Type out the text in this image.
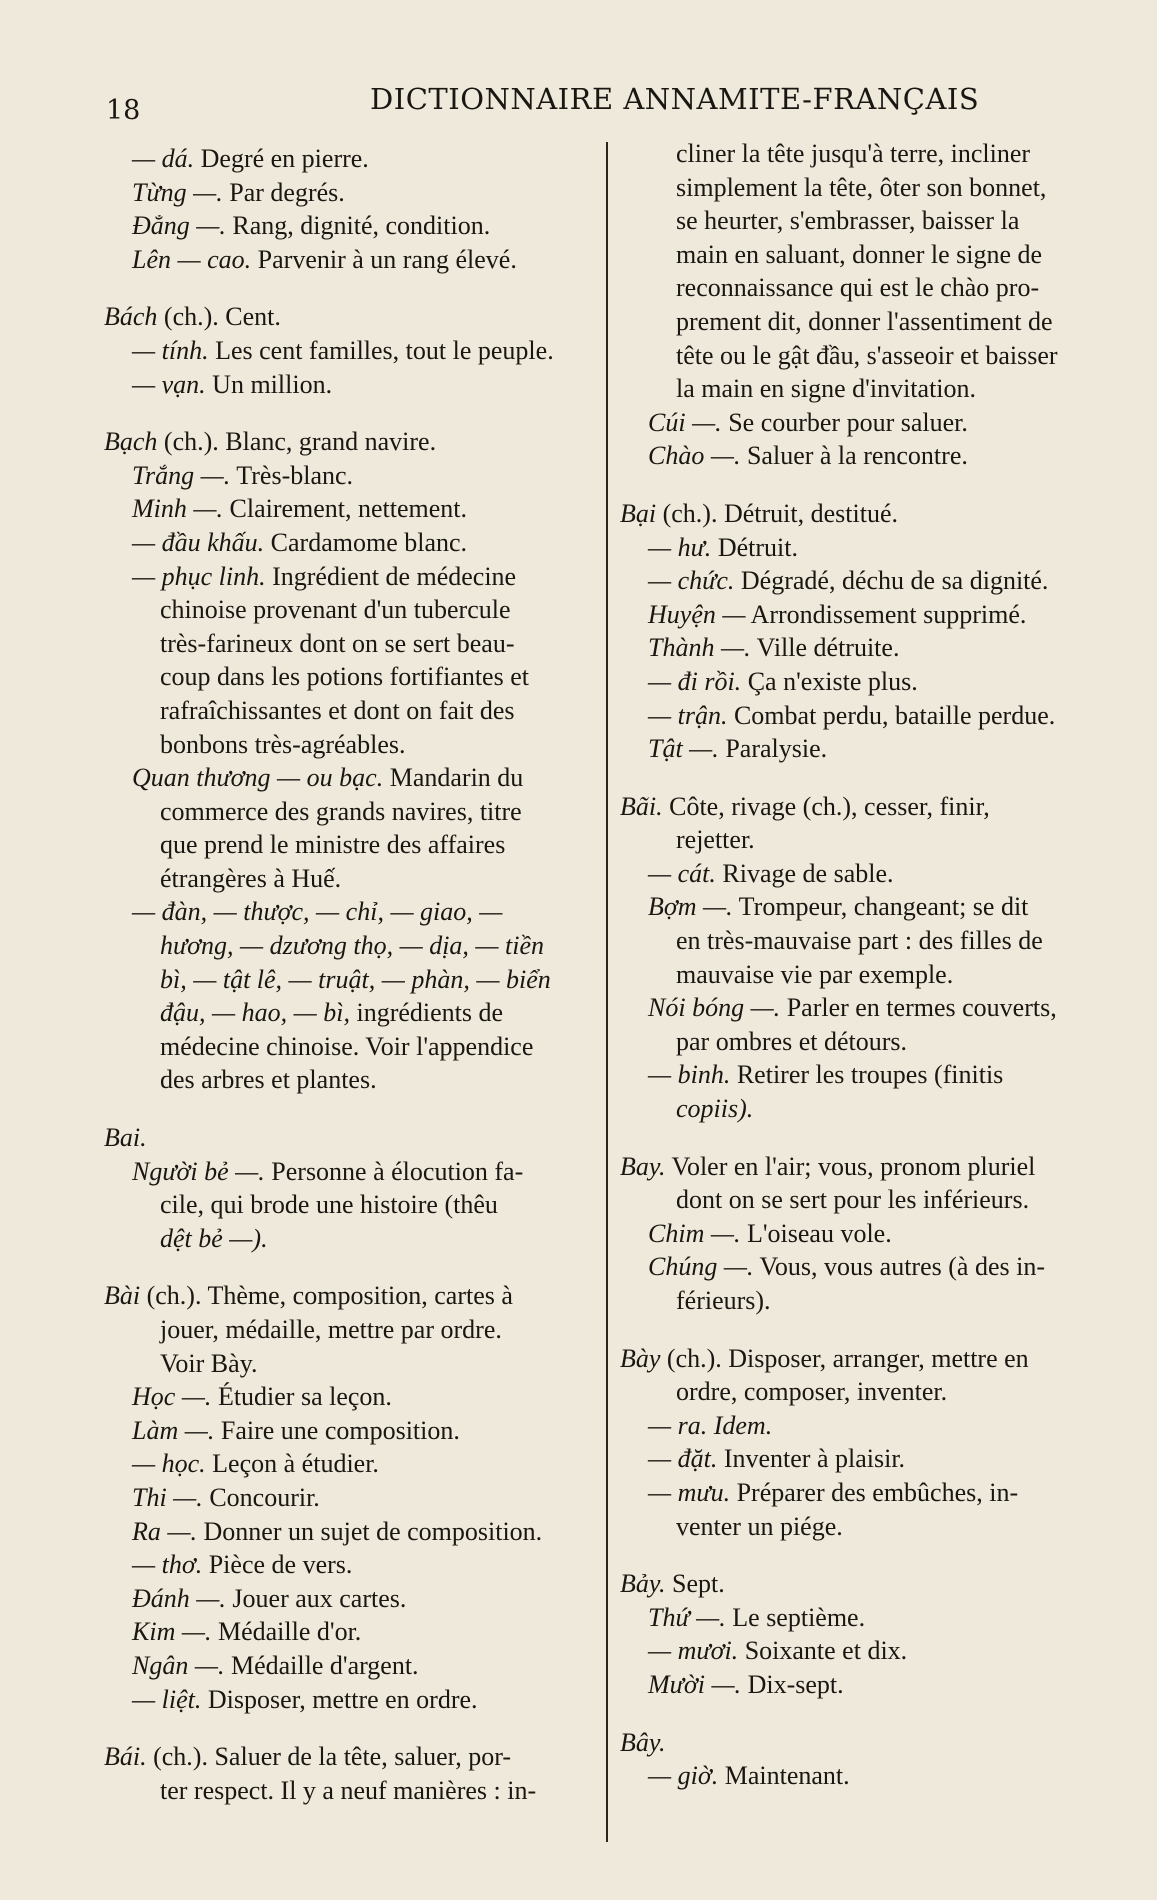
18	DICTIONNAIRE ANNAMITE-FRANÇAIS
— dá. Degré en pierre.
Từng —. Par degrés.
Đẳng —. Rang, dignité, condition.
Lên — cao. Parvenir à un rang élevé.
Bách (ch.). Cent.
— tính. Les cent familles, tout le peuple.
— vạn. Un million.
Bạch (ch.). Blanc, grand navire.
Trắng —. Très-blanc.
Minh —. Clairement, nettement.
— đầu khấu. Cardamome blanc.
— phục linh. Ingrédient de médecine
chinoise provenant d'un tubercule
très-farineux dont on se sert beau-
coup dans les potions fortifiantes et
rafraîchissantes et dont on fait des
bonbons très-agréables.
Quan thương — ou bạc. Mandarin du
commerce des grands navires, titre
que prend le ministre des affaires
étrangères à Huế.
— đàn, — thược, — chỉ, — giao, —
hương, — dzương thọ, — dịa, — tiền
bì, — tật lê, — truật, — phàn, — biển
đậu, — hao, — bì, ingrédients de
médecine chinoise. Voir l'appendice
des arbres et plantes.
Bai.
Người bẻ —. Personne à élocution fa-
cile, qui brode une histoire (thêu
dệt bẻ —).
Bài (ch.). Thème, composition, cartes à
jouer, médaille, mettre par ordre.
Voir Bày.
Học —. Étudier sa leçon.
Làm —. Faire une composition.
— học. Leçon à étudier.
Thi —. Concourir.
Ra —. Donner un sujet de composition.
— thơ. Pièce de vers.
Đánh —. Jouer aux cartes.
Kim —. Médaille d'or.
Ngân —. Médaille d'argent.
— liệt. Disposer, mettre en ordre.
Bái. (ch.). Saluer de la tête, saluer, por-
ter respect. Il y a neuf manières : in-
cliner la tête jusqu'à terre, incliner
simplement la tête, ôter son bonnet,
se heurter, s'embrasser, baisser la
main en saluant, donner le signe de
reconnaissance qui est le chào pro-
prement dit, donner l'assentiment de
tête ou le gật đầu, s'asseoir et baisser
la main en signe d'invitation.
Cúi —. Se courber pour saluer.
Chào —. Saluer à la rencontre.
Bại (ch.). Détruit, destitué.
— hư. Détruit.
— chức. Dégradé, déchu de sa dignité.
Huyện — Arrondissement supprimé.
Thành —. Ville détruite.
— đi rồi. Ça n'existe plus.
— trận. Combat perdu, bataille perdue.
Tật —. Paralysie.
Bãi. Côte, rivage (ch.), cesser, finir,
rejetter.
— cát. Rivage de sable.
Bợm —. Trompeur, changeant; se dit
en très-mauvaise part : des filles de
mauvaise vie par exemple.
Nói bóng —. Parler en termes couverts,
par ombres et détours.
— binh. Retirer les troupes (finitis
copiis).
Bay. Voler en l'air; vous, pronom pluriel
dont on se sert pour les inférieurs.
Chim —. L'oiseau vole.
Chúng —. Vous, vous autres (à des in-
férieurs).
Bày (ch.). Disposer, arranger, mettre en
ordre, composer, inventer.
— ra. Idem.
— đặt. Inventer à plaisir.
— mưu. Préparer des embûches, in-
venter un piége.
Bảy. Sept.
Thứ —. Le septième.
— mươi. Soixante et dix.
Mười —. Dix-sept.
Bây.
— giờ. Maintenant.
